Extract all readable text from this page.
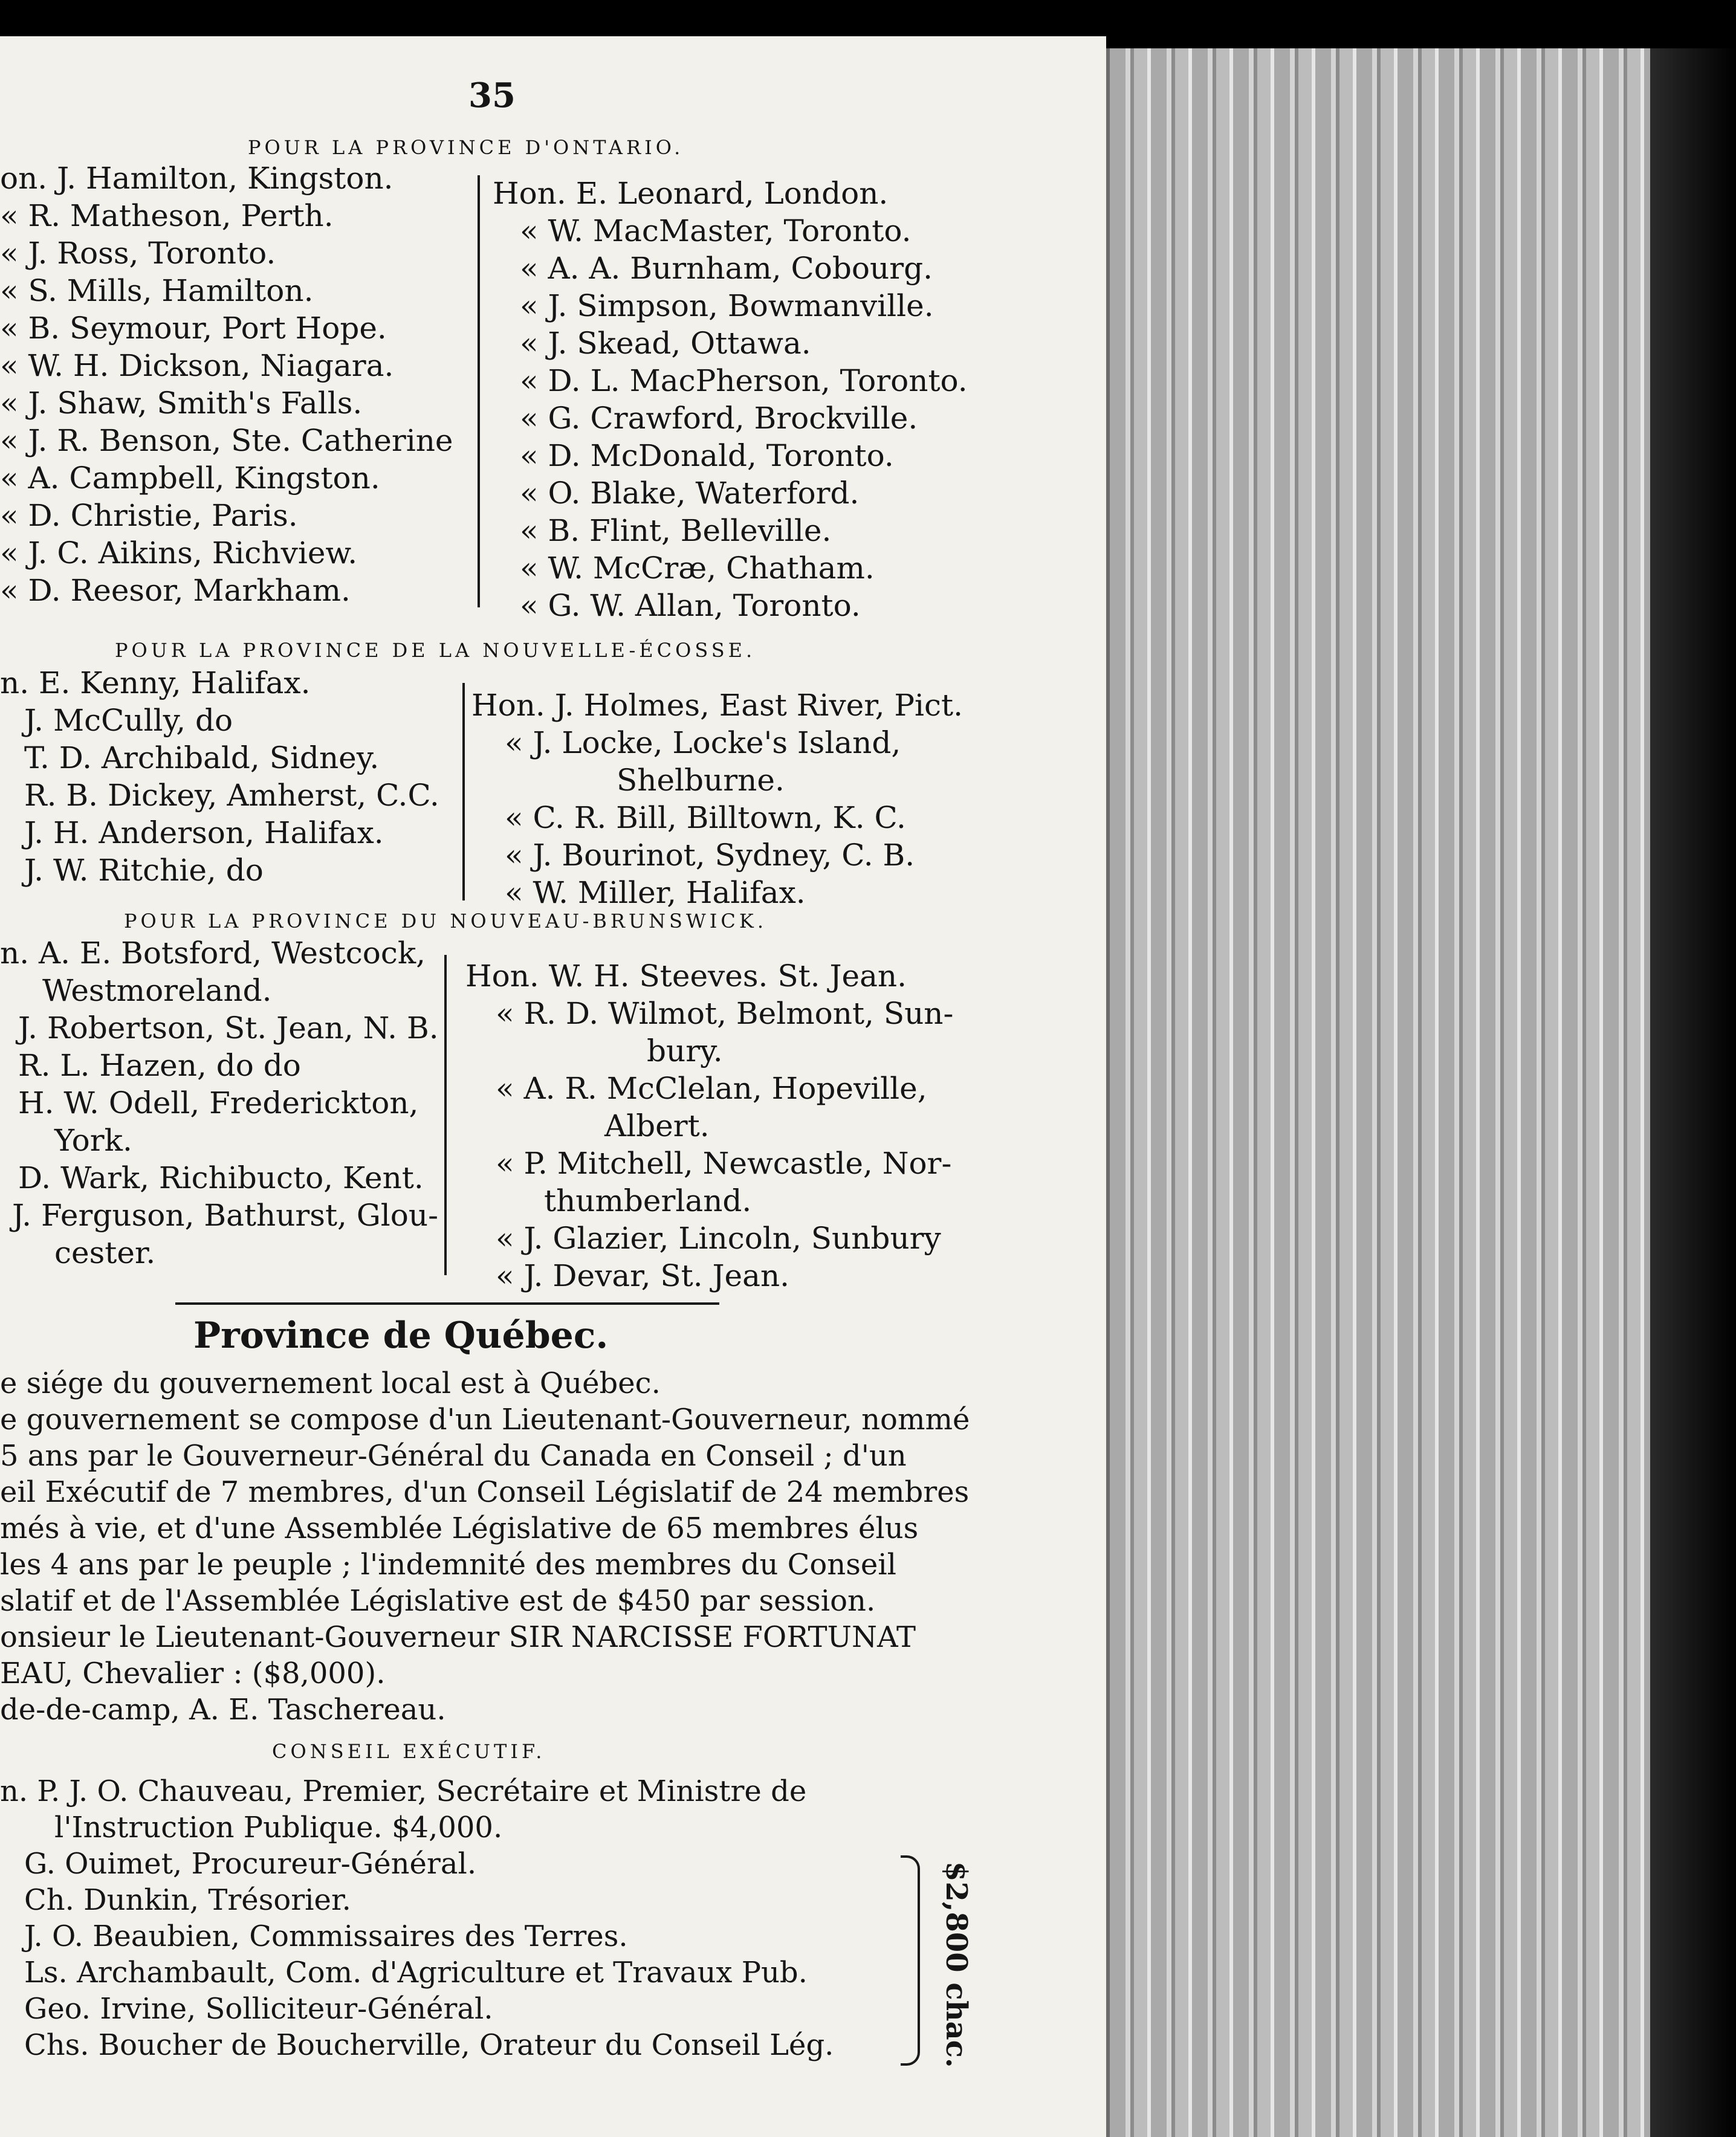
35
POUR LA PROVINCE D'ONTARIO.
on. J. Hamilton, Kingston.
« R. Matheson, Perth.
« J. Ross, Toronto.
« S. Mills, Hamilton.
« B. Seymour, Port Hope.
« W. H. Dickson, Niagara.
« J. Shaw, Smith's Falls.
« J. R. Benson, Ste. Catherine
« A. Campbell, Kingston.
« D. Christie, Paris.
« J. C. Aikins, Richview.
« D. Reesor, Markham.
Hon. E. Leonard, London.
« W. MacMaster, Toronto.
« A. A. Burnham, Cobourg.
« J. Simpson, Bowmanville.
« J. Skead, Ottawa.
« D. L. MacPherson, Toronto.
« G. Crawford, Brockville.
« D. McDonald, Toronto.
« O. Blake, Waterford.
« B. Flint, Belleville.
« W. McCræ, Chatham.
« G. W. Allan, Toronto.
POUR LA PROVINCE DE LA NOUVELLE-ÉCOSSE.
n. E. Kenny, Halifax.
J. McCully, do
T. D. Archibald, Sidney.
R. B. Dickey, Amherst, C.C.
J. H. Anderson, Halifax.
J. W. Ritchie, do
Hon. J. Holmes, East River, Pict.
« J. Locke, Locke's Island,
Shelburne.
« C. R. Bill, Billtown, K. C.
« J. Bourinot, Sydney, C. B.
« W. Miller, Halifax.
POUR LA PROVINCE DU NOUVEAU-BRUNSWICK.
n. A. E. Botsford, Westcock,
Westmoreland.
J. Robertson, St. Jean, N. B.
R. L. Hazen, do do
H. W. Odell, Frederickton,
York.
D. Wark, Richibucto, Kent.
J. Ferguson, Bathurst, Glou-
cester.
Hon. W. H. Steeves. St. Jean.
« R. D. Wilmot, Belmont, Sun-
bury.
« A. R. McClelan, Hopeville,
Albert.
« P. Mitchell, Newcastle, Nor-
thumberland.
« J. Glazier, Lincoln, Sunbury
« J. Devar, St. Jean.
Province de Québec.
e siége du gouvernement local est à Québec.
e gouvernement se compose d'un Lieutenant-Gouverneur, nommé
5 ans par le Gouverneur-Général du Canada en Conseil ; d'un
eil Exécutif de 7 membres, d'un Conseil Législatif de 24 membres
més à vie, et d'une Assemblée Législative de 65 membres élus
les 4 ans par le peuple ; l'indemnité des membres du Conseil
slatif et de l'Assemblée Législative est de $450 par session.
onsieur le Lieutenant-Gouverneur SIR NARCISSE FORTUNAT
EAU, Chevalier : ($8,000).
de-de-camp, A. E. Taschereau.
CONSEIL EXÉCUTIF.
n. P. J. O. Chauveau, Premier, Secrétaire et Ministre de
l'Instruction Publique. $4,000.
G. Ouimet, Procureur-Général.
Ch. Dunkin, Trésorier.
J. O. Beaubien, Commissaires des Terres.
Ls. Archambault, Com. d'Agriculture et Travaux Pub.
Geo. Irvine, Solliciteur-Général.
Chs. Boucher de Boucherville, Orateur du Conseil Lég.	$2,800 chac.
